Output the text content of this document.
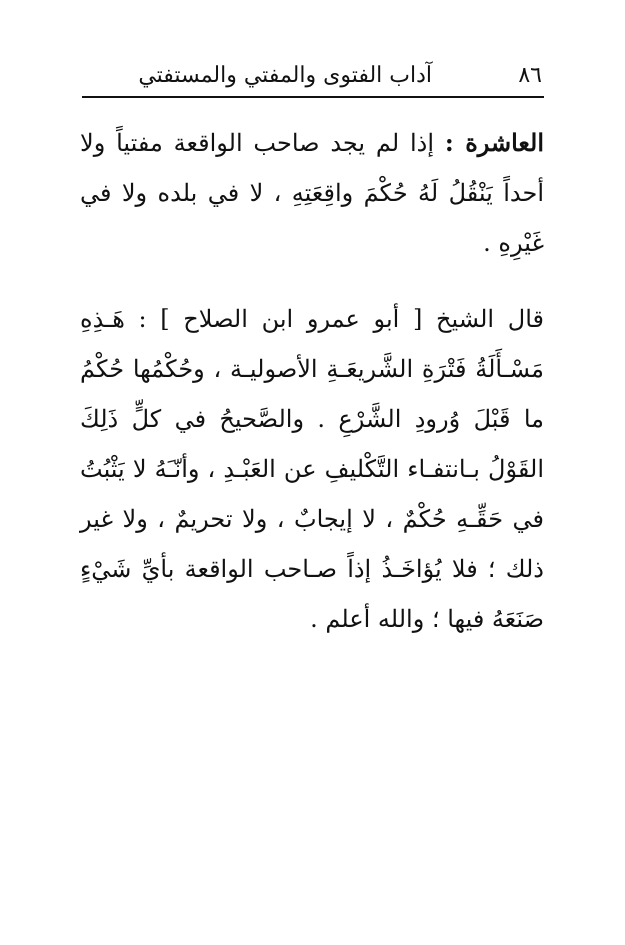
٨٦
آداب الفتوى والمفتي والمستفتي

العاشرة : إذا لم يجد صاحب الواقعة مفتياً ولا أحداً يَنْقُلُ لَهُ حُكْمَ واقِعَتِهِ ، لا في بلده ولا في غَيْرِهِ .

قال الشيخ [ أبو عمرو ابن الصلاح ] : هَـذِهِ مَسْـأَلَةُ فَتْرَةِ الشَّريعَـةِ الأصوليـة ، وحُكْمُها حُكْمُ ما قَبْلَ وُرودِ الشَّرْعِ . والصَّحيحُ في كلٍّ ذَلِكَ القَوْلُ بـانتفـاء التَّكْليفِ عن العَبْـدِ ، وأنّـَهُ لا يَثْبُتُ في حَقِّـهِ حُكْمٌ ، لا إيجابٌ ، ولا تحريمٌ ، ولا غير ذلك ؛ فلا يُؤاخَـذُ إذاً صـاحب الواقعة بأيِّ شَيْءٍ صَنَعَهُ فيها ؛ والله أعلم .
